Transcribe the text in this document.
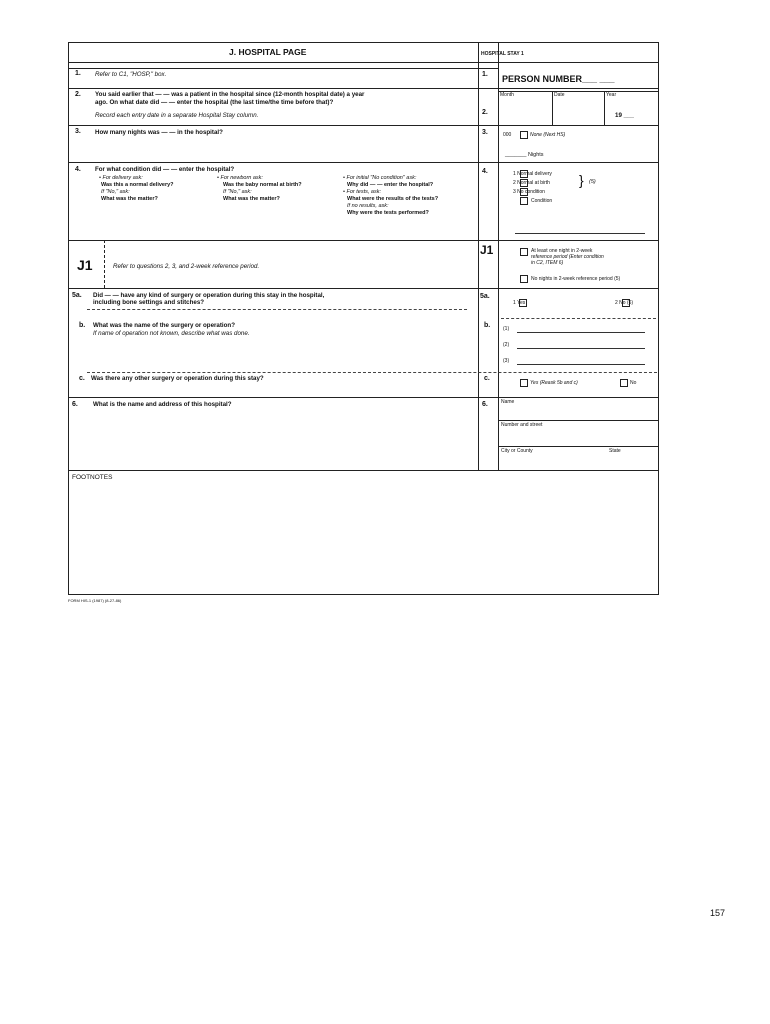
J. HOSPITAL PAGE	HOSPITAL STAY 1
1. Refer to C1, "HOSP," box.	1. PERSON NUMBER___ ___
2. You said earlier that — — was a patient in the hospital since (12-month hospital date) a year
ago. On what date did — — enter the hospital (the last time/the time before that)?
Record each entry date in a separate Hospital Stay column.	2.
Month	Date	Year
19 ___
3. How many nights was — — in the hospital?	3.	000	None (Next HS)
_______ Nights
4. For what condition did — — enter the hospital?
• For delivery ask:
Was this a normal delivery?
If "No," ask:
What was the matter?
• For newborn ask:
Was the baby normal at birth?
If "No," ask:
What was the matter?
• For initial "No condition" ask:
Why did — — enter the hospital?
• For tests, ask:
What were the results of the tests?
If no results, ask:
Why were the tests performed?
4.	1 Normal delivery
2 Normal at birth
3 No condition
Condition
} (5)
J1	Refer to questions 2, 3, and 2-week reference period.
J1	At least one night in 2-week
reference period (Enter condition
in C2, ITEM 6)
No nights in 2-week reference period (5)
5a. Did — — have any kind of surgery or operation during this stay in the hospital,
including bone settings and stitches?
5a.
1 Yes	2 No (6)
b. What was the name of the surgery or operation?
If name of operation not known, describe what was done.
b.	(1)
(2)
(3)
c. Was there any other surgery or operation during this stay?	c.
Yes (Reask 5b and c)	No
6. What is the name and address of this hospital?	6.	Name
Number and street
City or County	State
FOOTNOTES
FORM HIS-1 (1987) (8-27-86)
157
